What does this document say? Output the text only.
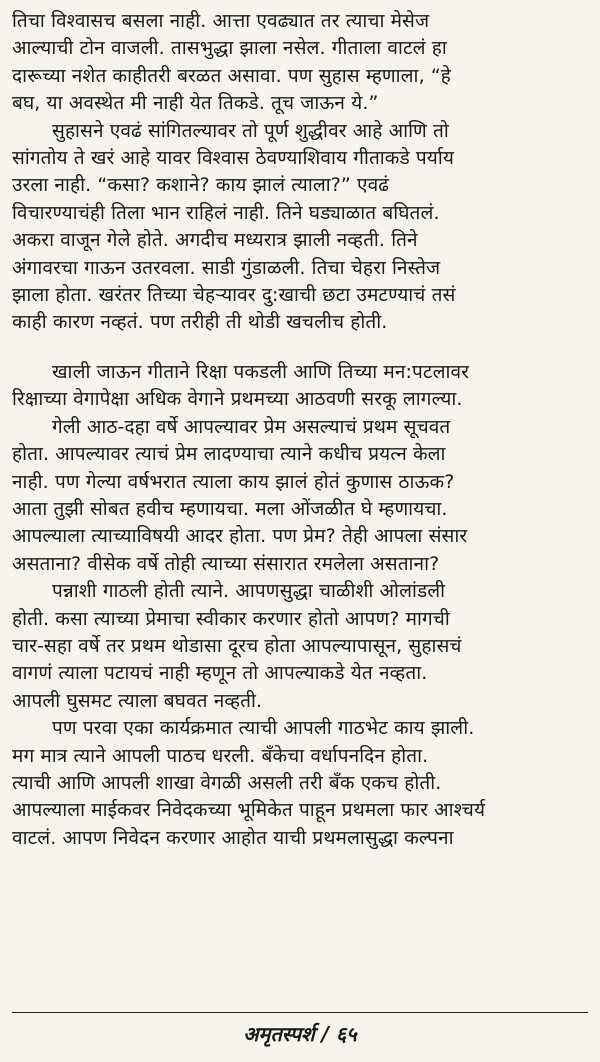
तिचा विश्वासच बसला नाही. आत्ता एवढ्यात तर त्याचा मेसेज
आल्याची टोन वाजली. तासभुद्धा झाला नसेल. गीताला वाटलं हा
दारूच्या नशेत काहीतरी बरळत असावा. पण सुहास म्हणाला, “हे
बघ, या अवस्थेत मी नाही येत तिकडे. तूच जाऊन ये.”
सुहासने एवढं सांगितल्यावर तो पूर्ण शुद्धीवर आहे आणि तो
सांगतोय ते खरं आहे यावर विश्वास ठेवण्याशिवाय गीताकडे पर्याय
उरला नाही. “कसा? कशाने? काय झालं त्याला?” एवढं
विचारण्याचंही तिला भान राहिलं नाही. तिने घड्याळात बघितलं.
अकरा वाजून गेले होते. अगदीच मध्यरात्र झाली नव्हती. तिने
अंगावरचा गाऊन उतरवला. साडी गुंडाळली. तिचा चेहरा निस्तेज
झाला होता. खरंतर तिच्या चेहऱ्यावर दु:खाची छटा उमटण्याचं तसं
काही कारण नव्हतं. पण तरीही ती थोडी खचलीच होती.
खाली जाऊन गीताने रिक्षा पकडली आणि तिच्या मन:पटलावर
रिक्षाच्या वेगापेक्षा अधिक वेगाने प्रथमच्या आठवणी सरकू लागल्या.
गेली आठ-दहा वर्षे आपल्यावर प्रेम असल्याचं प्रथम सूचवत
होता. आपल्यावर त्याचं प्रेम लादण्याचा त्याने कधीच प्रयत्न केला
नाही. पण गेल्या वर्षभरात त्याला काय झालं होतं कुणास ठाऊक?
आता तुझी सोबत हवीच म्हणायचा. मला ओंजळीत घे म्हणायचा.
आपल्याला त्याच्याविषयी आदर होता. पण प्रेम? तेही आपला संसार
असताना? वीसेक वर्षे तोही त्याच्या संसारात रमलेला असताना?
पन्नाशी गाठली होती त्याने. आपणसुद्धा चाळीशी ओलांडली
होती. कसा त्याच्या प्रेमाचा स्वीकार करणार होतो आपण? मागची
चार-सहा वर्षे तर प्रथम थोडासा दूरच होता आपल्यापासून, सुहासचं
वागणं त्याला पटायचं नाही म्हणून तो आपल्याकडे येत नव्हता.
आपली घुसमट त्याला बघवत नव्हती.
पण परवा एका कार्यक्रमात त्याची आपली गाठभेट काय झाली.
मग मात्र त्याने आपली पाठच धरली. बँकेचा वर्धापनदिन होता.
त्याची आणि आपली शाखा वेगळी असली तरी बँक एकच होती.
आपल्याला माईकवर निवेदकच्या भूमिकेत पाहून प्रथमला फार आश्चर्य
वाटलं. आपण निवेदन करणार आहोत याची प्रथमलासुद्धा कल्पना
अमृतस्पर्श / ६५
